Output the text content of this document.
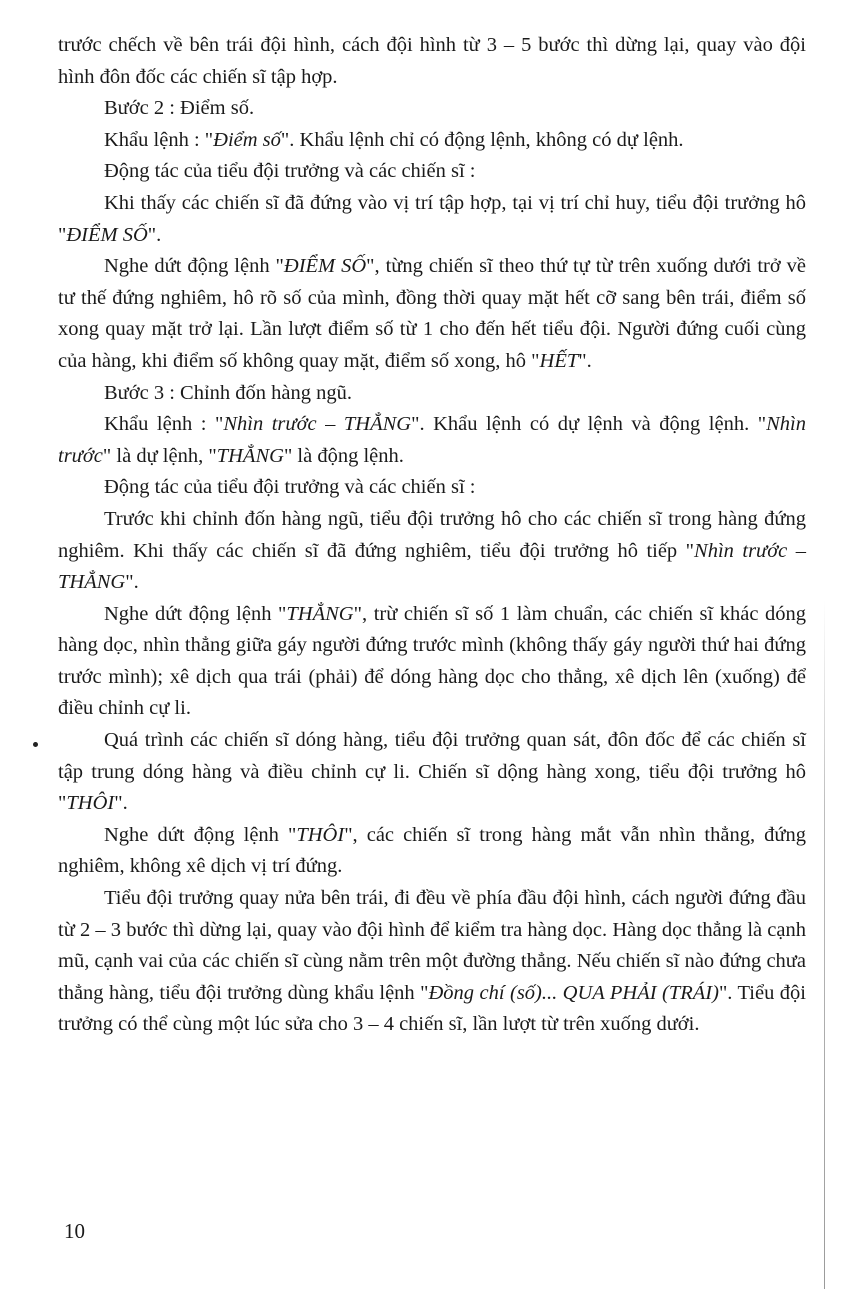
trước chếch về bên trái đội hình, cách đội hình từ 3 – 5 bước thì dừng lại, quay vào đội hình đôn đốc các chiến sĩ tập hợp.

Bước 2 : Điểm số.

Khẩu lệnh : "Điểm số". Khẩu lệnh chỉ có động lệnh, không có dự lệnh.

Động tác của tiểu đội trưởng và các chiến sĩ :

Khi thấy các chiến sĩ đã đứng vào vị trí tập hợp, tại vị trí chỉ huy, tiểu đội trưởng hô "ĐIỂM SỐ".

Nghe dứt động lệnh "ĐIỂM SỐ", từng chiến sĩ theo thứ tự từ trên xuống dưới trở về tư thế đứng nghiêm, hô rõ số của mình, đồng thời quay mặt hết cỡ sang bên trái, điểm số xong quay mặt trở lại. Lần lượt điểm số từ 1 cho đến hết tiểu đội. Người đứng cuối cùng của hàng, khi điểm số không quay mặt, điểm số xong, hô "HẾT".

Bước 3 : Chỉnh đốn hàng ngũ.

Khẩu lệnh : "Nhìn trước – THẲNG". Khẩu lệnh có dự lệnh và động lệnh. "Nhìn trước" là dự lệnh, "THẲNG" là động lệnh.

Động tác của tiểu đội trưởng và các chiến sĩ :

Trước khi chỉnh đốn hàng ngũ, tiểu đội trưởng hô cho các chiến sĩ trong hàng đứng nghiêm. Khi thấy các chiến sĩ đã đứng nghiêm, tiểu đội trưởng hô tiếp "Nhìn trước – THẲNG".

Nghe dứt động lệnh "THẲNG", trừ chiến sĩ số 1 làm chuẩn, các chiến sĩ khác dóng hàng dọc, nhìn thẳng giữa gáy người đứng trước mình (không thấy gáy người thứ hai đứng trước mình); xê dịch qua trái (phải) để dóng hàng dọc cho thẳng, xê dịch lên (xuống) để điều chỉnh cự li.

Quá trình các chiến sĩ dóng hàng, tiểu đội trưởng quan sát, đôn đốc để các chiến sĩ tập trung dóng hàng và điều chỉnh cự li. Chiến sĩ dộng hàng xong, tiểu đội trưởng hô "THÔI".

Nghe dứt động lệnh "THÔI", các chiến sĩ trong hàng mắt vẫn nhìn thẳng, đứng nghiêm, không xê dịch vị trí đứng.

Tiểu đội trưởng quay nửa bên trái, đi đều về phía đầu đội hình, cách người đứng đầu từ 2 – 3 bước thì dừng lại, quay vào đội hình để kiểm tra hàng dọc. Hàng dọc thẳng là cạnh mũ, cạnh vai của các chiến sĩ cùng nằm trên một đường thẳng. Nếu chiến sĩ nào đứng chưa thẳng hàng, tiểu đội trưởng dùng khẩu lệnh "Đồng chí (số)... QUA PHẢI (TRÁI)". Tiểu đội trưởng có thể cùng một lúc sửa cho 3 – 4 chiến sĩ, lần lượt từ trên xuống dưới.

10
